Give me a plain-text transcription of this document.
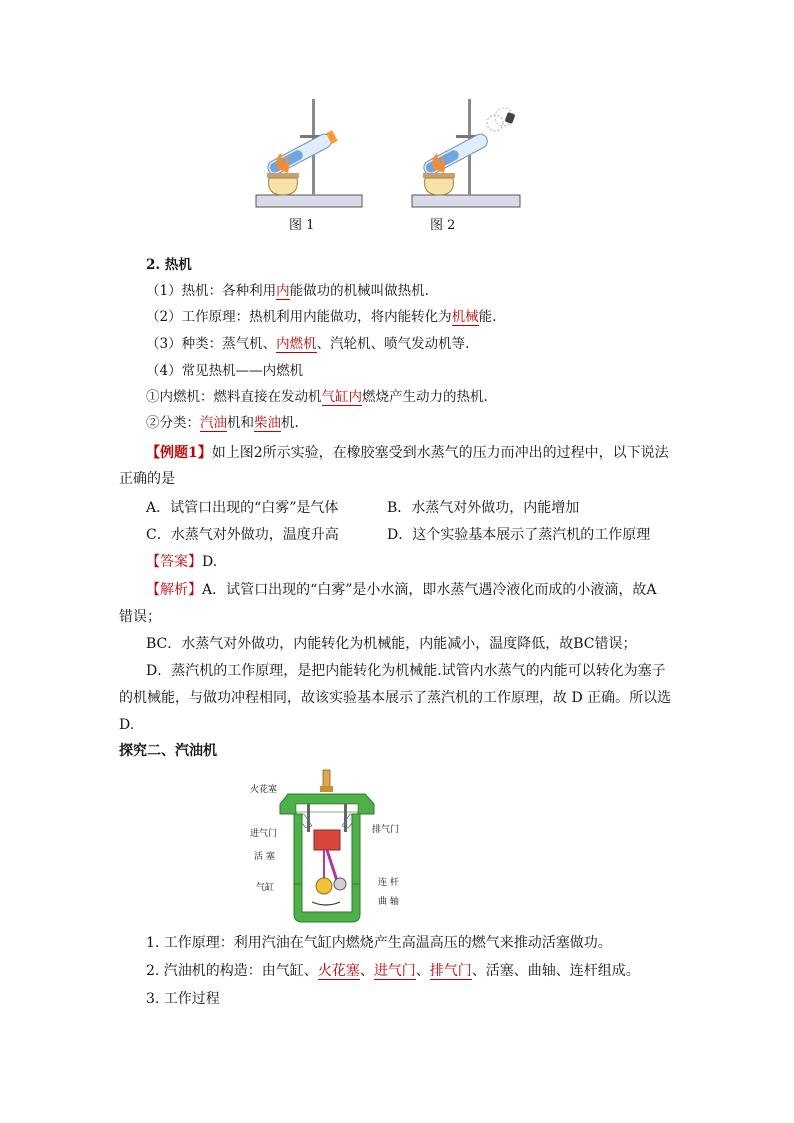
图 1	图 2
2. 热机
（1）热机：各种利用内能做功的机械叫做热机.
（2）工作原理：热机利用内能做功，将内能转化为机械能.
（3）种类：蒸气机、内燃机、汽轮机、喷气发动机等.
（4）常见热机——内燃机
①内燃机：燃料直接在发动机气缸内燃烧产生动力的热机.
②分类：汽油机和柴油机.
【例题1】如上图2所示实验，在橡胶塞受到水蒸气的压力而冲出的过程中，以下说法
正确的是
A．试管口出现的“白雾”是气体	B．水蒸气对外做功，内能增加
C．水蒸气对外做功，温度升高	D．这个实验基本展示了蒸汽机的工作原理
【答案】D.
【解析】A．试管口出现的“白雾”是小水滴，即水蒸气遇冷液化而成的小液滴，故A
错误；
BC．水蒸气对外做功，内能转化为机械能，内能减小，温度降低，故BC错误；
D．蒸汽机的工作原理，是把内能转化为机械能.试管内水蒸气的内能可以转化为塞子
的机械能，与做功冲程相同，故该实验基本展示了蒸汽机的工作原理，故 D 正确。所以选
D.
探究二、汽油机
火花塞
进气门	排气门
活 塞
气缸	连 杆
曲 轴
1. 工作原理：利用汽油在气缸内燃烧产生高温高压的燃气来推动活塞做功。
2. 汽油机的构造：由气缸、火花塞、进气门、排气门、活塞、曲轴、连杆组成。
3. 工作过程
